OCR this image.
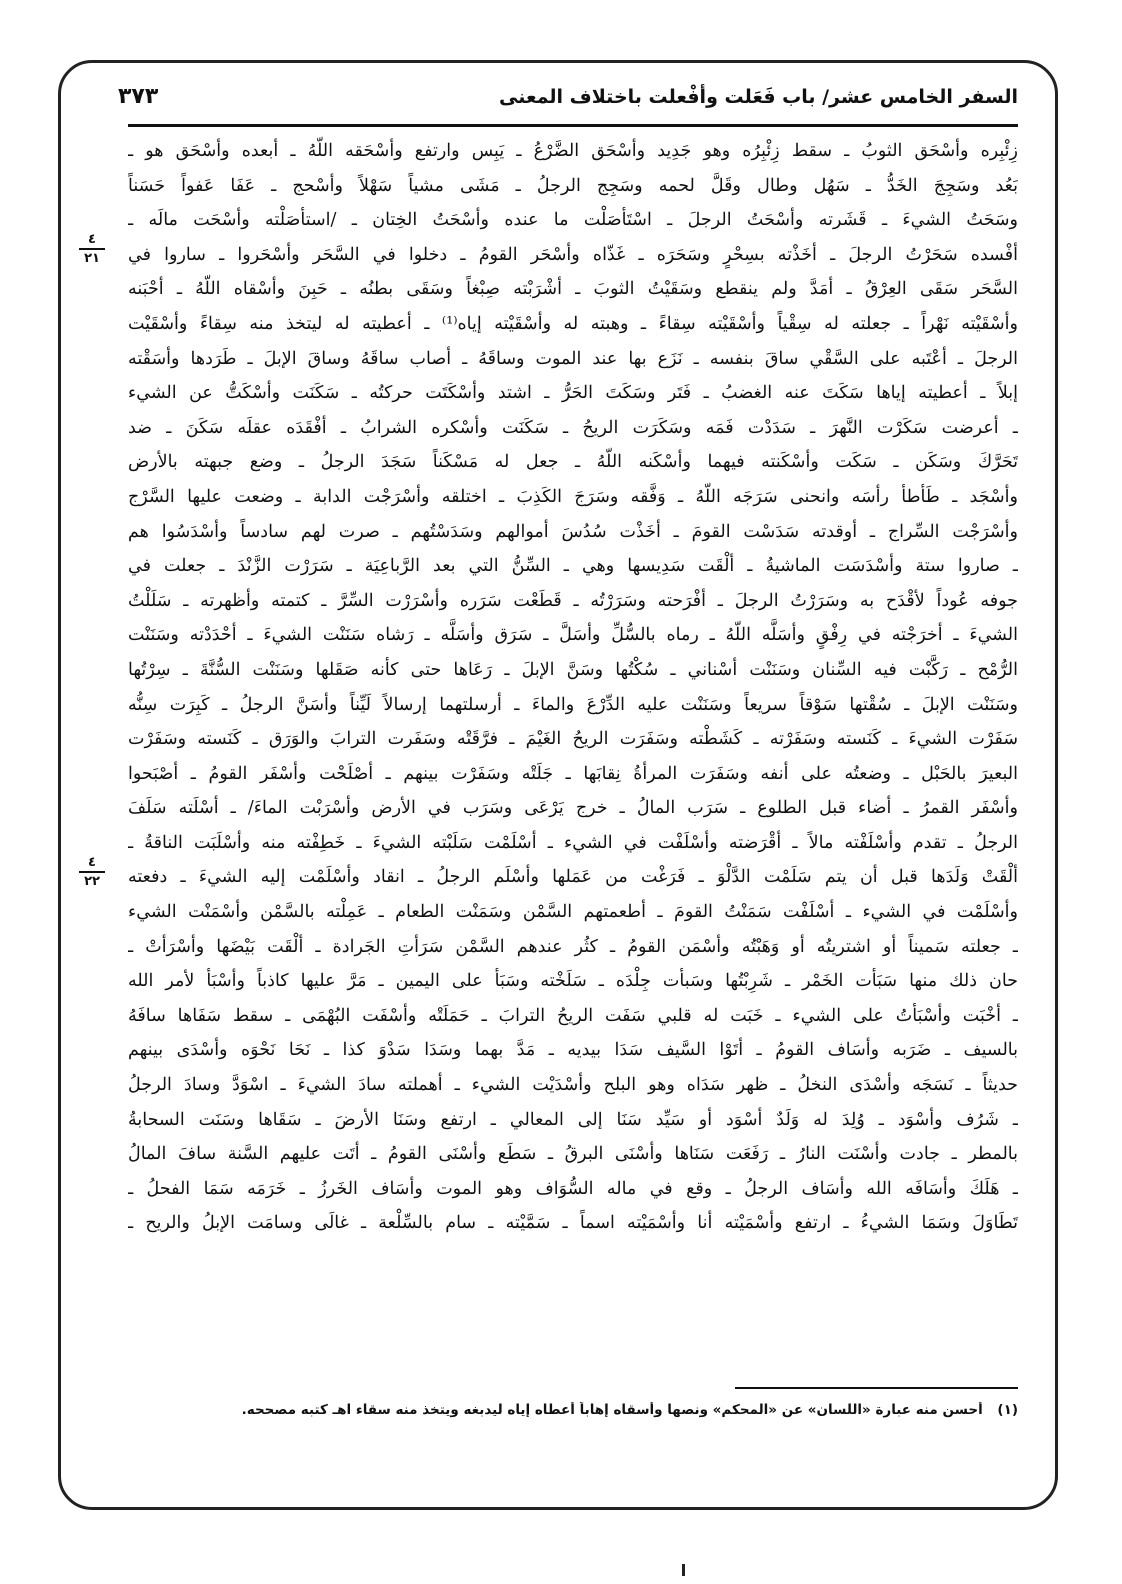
السفر الخامس عشر/ باب فَعَلت وأفْعلت باختلاف المعنى
٣٧٣
٤
٢١
٤
٢٢
زِئْبِره وأسْحَق الثوبُ ـ سقط زِئْبِرُه وهو جَدِيد وأسْحَق الضَّرْعُ ـ يَبِس وارتفع وأسْحَقه اللّهُ ـ أبعده وأسْحَق هو ـ
بَعُد وسَجِجَ الخَدُّ ـ سَهُل وطال وقَلَّ لحمه وسَجِج الرجلُ ـ مَشَى مشياً سَهْلاً وأسْحج ـ عَفَا عَفواً حَسَناً
وسَحَتُ الشيءَ ـ قَشَرته وأسْحَتُ الرجلَ ـ اسْتَأصَلْت ما عنده وأسْحَتُ الخِتان ـ /استأصَلْته وأسْحَت مالَه ـ
أفْسده سَحَرْتُ الرجلَ ـ أخَذْته بسِحْرٍ وسَحَرَه ـ غَذّاه وأسْحَر القومُ ـ دخلوا في السَّحَر وأسْحَروا ـ ساروا في
السَّحَر سَقَى العِرْقُ ـ أمَدَّ ولم ينقطع وسَقَيْتُ الثوبَ ـ أشْرَبْته صِبْغاً وسَقَى بطنُه ـ حَبِنَ وأسْقاه اللّهُ ـ أحْبَنه
وأسْقَيْته نَهْراً ـ جعلته له سِقْياً وأسْقَيْته سِقاءً ـ وهبته له وأسْقَيْته إياه⁽¹⁾ ـ أعطيته له ليتخذ منه سِقاءً وأسْقَيْت
الرجلَ ـ أعْتَبه على السَّقْي ساقَ بنفسه ـ نَزَع بها عند الموت وساقَهُ ـ أصاب ساقَهُ وساقَ الإبلَ ـ طَرَدها وأسَقْته
إبلاً ـ أعطيته إياها سَكَتَ عنه الغضبُ ـ فَتَر وسَكَتَ الحَرُّ ـ اشتد وأسْكَتَت حركتُه ـ سَكَنَت وأسْكَتُّ عن الشيء
ـ أعرضت سَكَرْت النَّهرَ ـ سَدَدْت فَمَه وسَكَرَت الريحُ ـ سَكَنَت وأسْكره الشرابُ ـ أفْقَدَه عقلَه سَكَنَ ـ ضد
تَحَرَّكَ وسَكَن ـ سَكَت وأسْكَنته فيهما وأسْكَنه اللّهُ ـ جعل له مَسْكَناً سَجَدَ الرجلُ ـ وضع جبهته بالأرض
وأسْجَد ـ طَأطأ رأسَه وانحنى سَرَجَه اللّهُ ـ وَفَّقه وسَرَجَ الكَذِبَ ـ اختلقه وأسْرَجْت الدابة ـ وضعت عليها السَّرْج
وأسْرَجْت السِّراج ـ أوقدته سَدَسْت القومَ ـ أخَذْت سُدُسَ أموالهم وسَدَسْتُهم ـ صرت لهم سادساً وأسْدَسُوا هم
ـ صاروا ستة وأسْدَسَت الماشيةُ ـ ألْقَت سَدِيسها وهي ـ السِّنُّ التي بعد الرَّباعِيَة ـ سَرَرْت الزَّنْدَ ـ جعلت في
جوفه عُوداً لأقْدَح به وسَرَرْتُ الرجلَ ـ أفْرَحته وسَرَرْتُه ـ قَطَعْت سَرَره وأسْرَرْت السِّرَّ ـ كتمته وأظهرته ـ سَلَلْتُ
الشيءَ ـ أخرَجْته في رِفْقٍ وأسَلَّه اللّهُ ـ رماه بالسُّلِّ وأسَلَّ ـ سَرَق وأسَلَّه ـ رَشاه سَنَنْت الشيءَ ـ أحْدَدْته وسَنَنْت
الرُّمْح ـ رَكَّبْت فيه السِّنان وسَنَنْت أسْناني ـ سُكْتُها وسَنَّ الإبلَ ـ رَعَاها حتى كأنه صَقَلها وسَنَنْت السُّنَّةَ ـ سِرْتُها
وسَنَنْت الإبلَ ـ سُقْتها سَوْقاً سريعاً وسَنَنْت عليه الدِّرْعَ والماءَ ـ أرسلتهما إرسالاً لَيِّناً وأسَنَّ الرجلُ ـ كَبِرَت سِنُّه
سَفَرْت الشيءَ ـ كَنَسته وسَفَرْته ـ كَشَطْته وسَفَرَت الريحُ الغَيْمَ ـ فرَّقَتْه وسَفَرت الترابَ والوَرَق ـ كَنَسته وسَفَرْت
البعيرَ بالحَبْل ـ وضعتُه على أنفه وسَفَرَت المرأةُ نِقابَها ـ جَلَتْه وسَفَرْت بينهم ـ أصْلَحْت وأسْفَر القومُ ـ أصْبَحوا
وأسْفَر القمرُ ـ أضاء قبل الطلوع ـ سَرَب المالُ ـ خرج يَرْعَى وسَرَب في الأرض وأسْرَبْت الماءَ/ ـ أسْلَته سَلَفَ
الرجلُ ـ تقدم وأسْلَفْته مالاً ـ أقْرَضته وأسْلَفْت في الشيء ـ أسْلَمْت سَلَبْته الشيءَ ـ خَطِفْته منه وأسْلَبَت الناقةُ ـ
ألْقَتْ وَلَدَها قبل أن يتم سَلَمْت الدَّلْوَ ـ فَرَغْت من عَمَلها وأسْلَم الرجلُ ـ انقاد وأسْلَمْت إليه الشيءَ ـ دفعته
وأسْلَمْت في الشيء ـ أسْلَفْت سَمَنْتُ القومَ ـ أطعمتهم السَّمْن وسَمَنْت الطعام ـ عَمِلْته بالسَّمْن وأسْمَنْت الشيء
ـ جعلته سَميناً أو اشتريتُه أو وَهَبْتُه وأسْمَن القومُ ـ كثُر عندهم السَّمْن سَرَأتِ الجَرادة ـ ألْقَت بَيْضَها وأسْرَأتْ ـ
حان ذلك منها سَبَأت الخَمْر ـ شَرِبْتُها وسَبأت جِلْدَه ـ سَلَخْته وسَبَأ على اليمين ـ مَرَّ عليها كاذباً وأسْبَأ لأمر الله
ـ أخْبَت وأسْبَأتُ على الشيء ـ خَبَت له قلبي سَفَت الريحُ الترابَ ـ حَمَلَتْه وأسْفَت البُهْمَى ـ سقط سَفَاها سافَهُ
بالسيف ـ ضَرَبه وأسَاف القومُ ـ أتَوْا السَّيف سَدَا بيديه ـ مَدَّ بهما وسَدَا سَدْوَ كذا ـ نَحَا نَحْوَه وأسْدَى بينهم
حديثاً ـ نَسَجَه وأسْدَى النخلُ ـ ظهر سَدَاه وهو البلح وأسْدَيْت الشيء ـ أهملته سادَ الشيءَ ـ اسْوَدَّ وسادَ الرجلُ
ـ شَرُف وأسْوَد ـ وُلِدَ له وَلَدٌ أسْوَد أو سَيِّد سَنَا إلى المعالي ـ ارتفع وسَنَا الأرضَ ـ سَقَاها وسَنَت السحابةُ
بالمطر ـ جادت وأسْنَت النارُ ـ رَفَعَت سَنَاها وأسْنَى البرقُ ـ سَطَع وأسْنَى القومُ ـ أتَت عليهم السَّنة سافَ المالُ
ـ هَلَكَ وأسَافَه الله وأسَاف الرجلُ ـ وقع في ماله السُّوَاف وهو الموت وأسَاف الخَرزُ ـ خَرَمَه سَمَا الفحلُ ـ
تَطَاوَلَ وسَمَا الشيءُ ـ ارتفع وأسْمَيْته أنا وأسْمَيْته اسماً ـ سَمَّيْته ـ سام بالسِّلْعة ـ غالَى وسامَت الإبلُ والريح ـ
(١) أحسن منه عبارة «اللسان» عن «المحكم» ونصها وأسقاه إهاباً أعطاه إياه ليدبغه ويتخذ منه سقاء اهـ كتبه مصححه.
